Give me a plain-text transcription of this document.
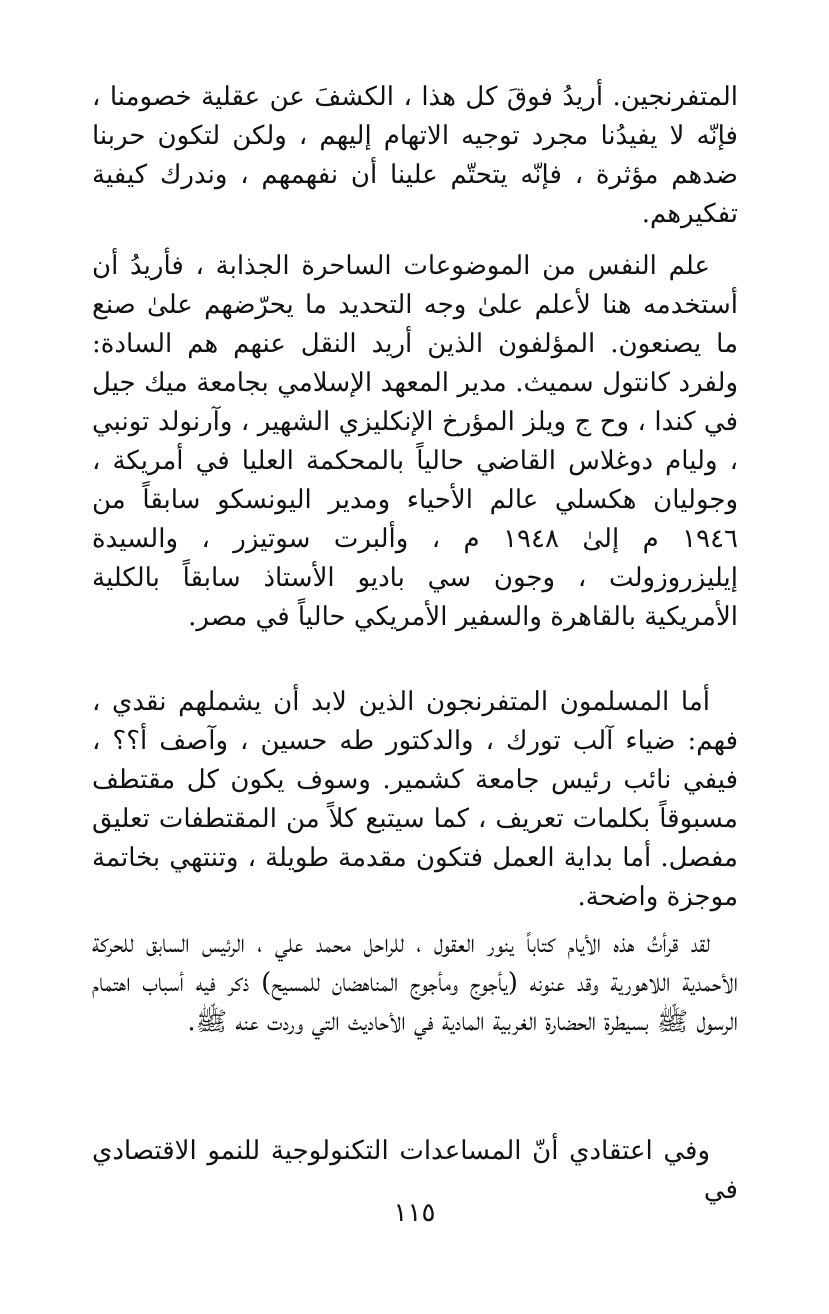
المتفرنجين. أريدُ فوقَ كل هذا ، الكشفَ عن عقلية خصومنا ، فإنّه لا يفيدُنا مجرد توجيه الاتهام إليهم ، ولكن لتكون حربنا ضدهم مؤثرة ، فإنّه يتحتّم علينا أن نفهمهم ، وندرك كيفية تفكيرهم.

علم النفس من الموضوعات الساحرة الجذابة ، فأريدُ أن أستخدمه هنا لأعلم علىٰ وجه التحديد ما يحرّضهم علىٰ صنع ما يصنعون. المؤلفون الذين أريد النقل عنهم هم السادة: ولفرد كانتول سميث. مدير المعهد الإسلامي بجامعة ميك جيل في كندا ، وح ج ويلز المؤرخ الإنكليزي الشهير ، وآرنولد تونبي ، وليام دوغلاس القاضي حالياً بالمحكمة العليا في أمريكة ، وجوليان هكسلي عالم الأحياء ومدير اليونسكو سابقاً من ١٩٤٦ م إلىٰ ١٩٤٨ م ، وألبرت سوتيزر ، والسيدة إيليزروزولت ، وجون سي باديو الأستاذ سابقاً بالكلية الأمريكية بالقاهرة والسفير الأمريكي حالياً في مصر.

أما المسلمون المتفرنجون الذين لابد أن يشملهم نقدي ، فهم: ضياء آلب تورك ، والدكتور طه حسين ، وآصف أ؟؟ ، فيفي نائب رئيس جامعة كشمير. وسوف يكون كل مقتطف مسبوقاً بكلمات تعريف ، كما سيتبع كلاً من المقتطفات تعليق مفصل. أما بداية العمل فتكون مقدمة طويلة ، وتنتهي بخاتمة موجزة واضحة.

لقد قرأتُ هذه الأيام كتاباً ينور العقول ، للراحل محمد علي ، الرئيس السابق للحركة الأحمدية اللاهورية وقد عنونه (يأجوج ومأجوج المناهضان للمسيح) ذكر فيه أسباب اهتمام الرسول ﷺ بسيطرة الحضارة الغربية المادية في الأحاديث التي وردت عنه ﷺ.

وفي اعتقادي أنّ المساعدات التكنولوجية للنمو الاقتصادي في

١١٥
